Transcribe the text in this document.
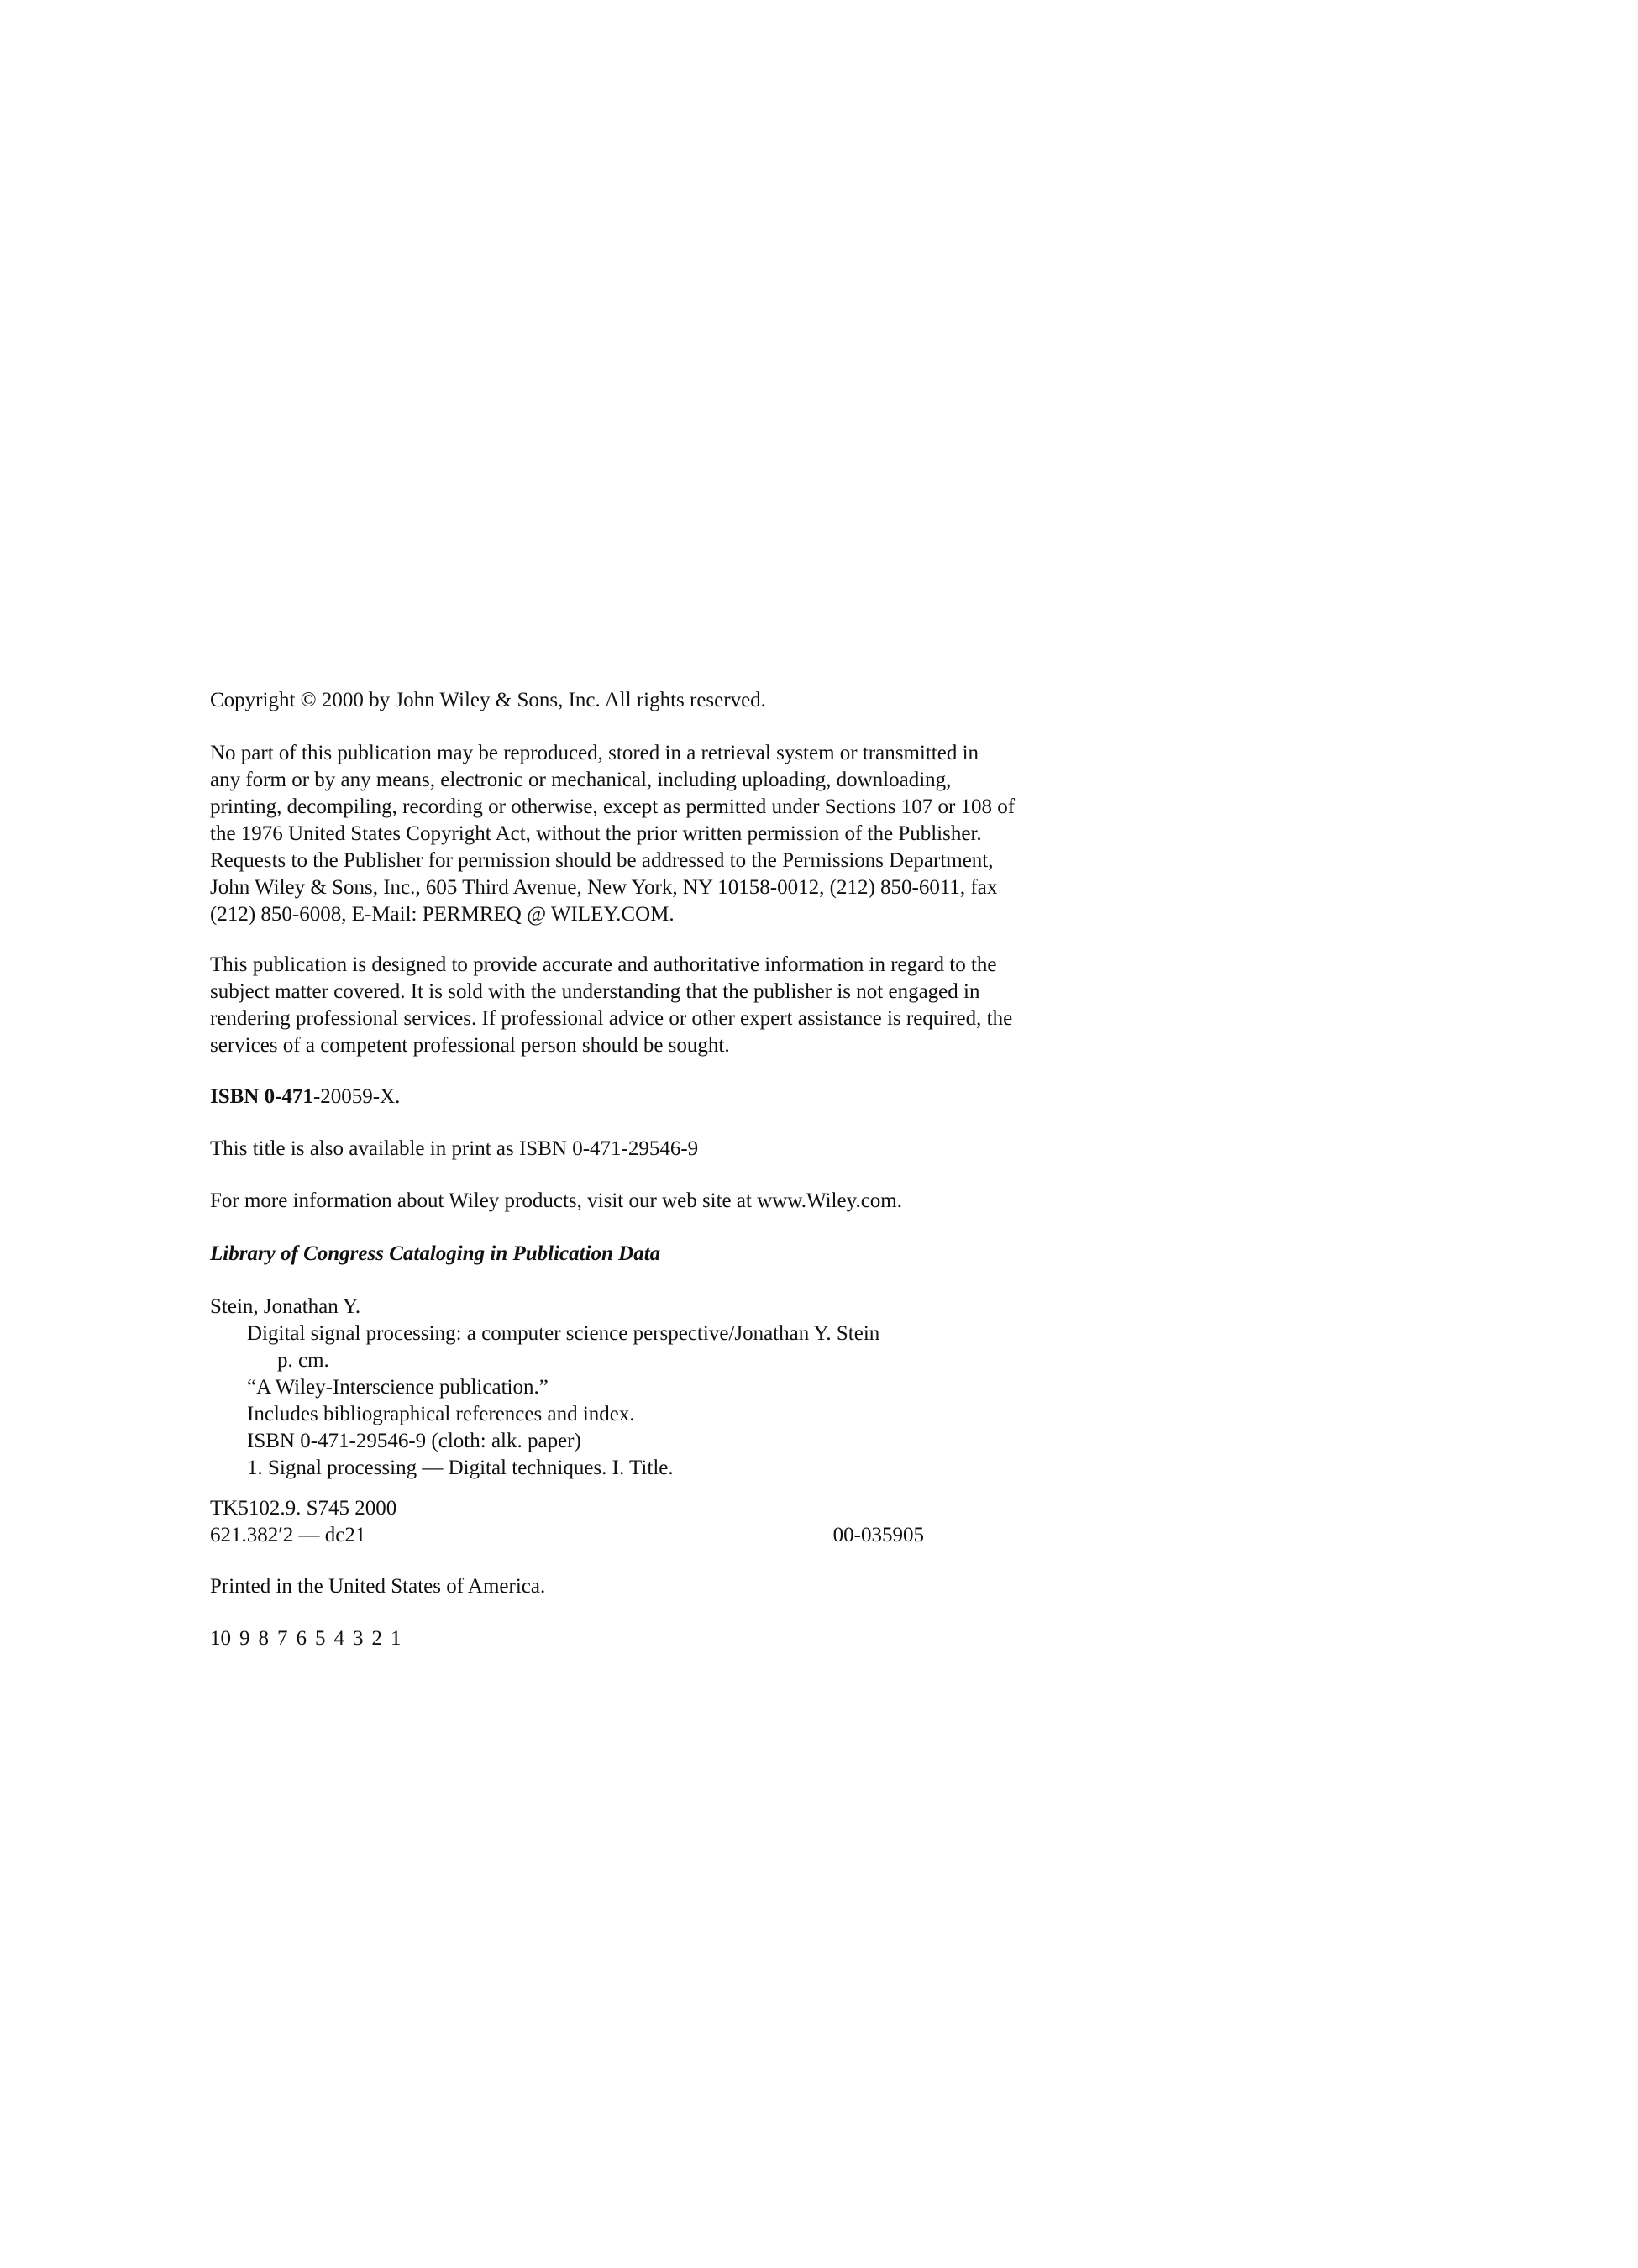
Copyright © 2000 by John Wiley & Sons, Inc. All rights reserved.
No part of this publication may be reproduced, stored in a retrieval system or transmitted in
any form or by any means, electronic or mechanical, including uploading, downloading,
printing, decompiling, recording or otherwise, except as permitted under Sections 107 or 108 of
the 1976 United States Copyright Act, without the prior written permission of the Publisher.
Requests to the Publisher for permission should be addressed to the Permissions Department,
John Wiley & Sons, Inc., 605 Third Avenue, New York, NY 10158-0012, (212) 850-6011, fax
(212) 850-6008, E-Mail: PERMREQ @ WILEY.COM.
This publication is designed to provide accurate and authoritative information in regard to the
subject matter covered. It is sold with the understanding that the publisher is not engaged in
rendering professional services. If professional advice or other expert assistance is required, the
services of a competent professional person should be sought.
ISBN 0-471-20059-X.
This title is also available in print as ISBN 0-471-29546-9
For more information about Wiley products, visit our web site at www.Wiley.com.
Library of Congress Cataloging in Publication Data
Stein, Jonathan Y.
Digital signal processing: a computer science perspective/Jonathan Y. Stein
p. cm.
“A Wiley-Interscience publication.”
Includes bibliographical references and index.
ISBN 0-471-29546-9 (cloth: alk. paper)
1. Signal processing — Digital techniques. I. Title.
TK5102.9. S745 2000
621.382′2 — dc21	00-035905
Printed in the United States of America.
10 9 8 7 6 5 4 3 2 1
